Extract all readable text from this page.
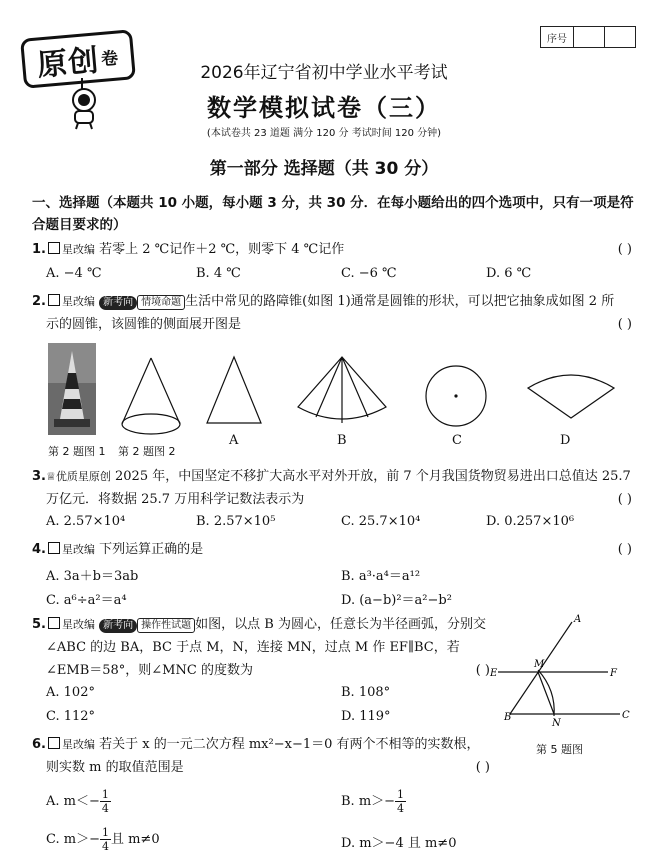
原创 卷
序号
2026年辽宁省初中学业水平考试
数学模拟试卷（三）
(本试卷共 23 道题 满分 120 分 考试时间 120 分钟)
第一部分 选择题（共 30 分）
一、选择题（本题共 10 小题，每小题 3 分，共 30 分．在每小题给出的四个选项中，只有一项是符合题目要求的）
1. 星改编 若零上 2 ℃记作＋2 ℃，则零下 4 ℃记作	( )
A. −4 ℃	B. 4 ℃	C. −6 ℃	D. 6 ℃
2. 星改编 新考向 情境命题 生活中常见的路障锥(如图 1)通常是圆锥的形状，可以把它抽象成如图 2 所
示的圆锥，该圆锥的侧面展开图是	( )
第 2 题图 1 第 2 题图 2
A	B	C	D
3.♕优质星原创 2025 年，中国坚定不移扩大高水平对外开放，前 7 个月我国货物贸易进出口总值达 25.7
万亿元．将数据 25.7 万用科学记数法表示为	( )
A. 2.57×10⁴	B. 2.57×10⁵	C. 25.7×10⁴	D. 0.257×10⁶
4. 星改编 下列运算正确的是	( )
A. 3a＋b＝3ab	B. a³·a⁴＝a¹²
C. a⁶÷a²＝a⁴	D. (a−b)²＝a²−b²
5. 星改编 新考向 操作性试题 如图，以点 B 为圆心，任意长为半径画弧，分别交
∠ABC 的边 BA，BC 于点 M，N，连接 MN，过点 M 作 EF∥BC，若
∠EMB＝58°，则∠MNC 的度数为	( )
A. 102°	B. 108°
C. 112°	D. 119°
A
M
E	F
B
N
C
第 5 题图
6. 星改编 若关于 x 的一元二次方程 mx²−x−1＝0 有两个不相等的实数根，
则实数 m 的取值范围是	( )
A. $m<- \frac{1}{4}$	B. $m>- \frac{1}{4}$
C. $m>- \frac{1}{4}$ 且 m≠0	D. m＞−4 且 m≠0
